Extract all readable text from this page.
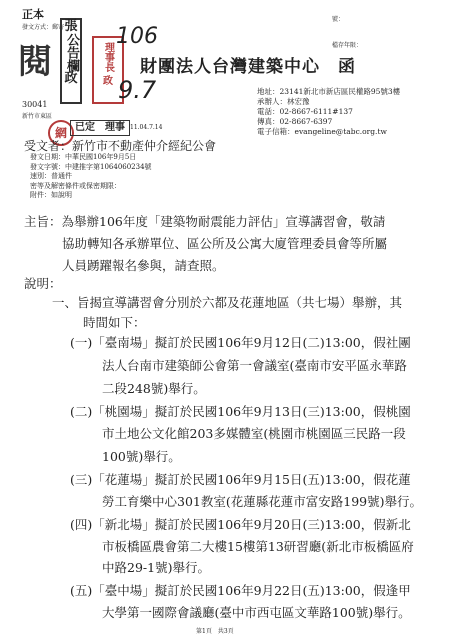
正本
發文方式：郵寄
閱
張
公告欄
政
30041
新竹市東區
網 已定　理事 11.04.7.14
理事長
政
106
9.7
財團法人台灣建築中心　函
號：
檔存年限：
地址：23141新北市新店區民權路95號3樓
承辦人：林宏豫
電話：02-8667-6111#137
傳真：02-8667-6397
電子信箱：evangeline@tabc.org.tw
受文者：新竹市不動產仲介經紀公會
發文日期：中華民國106年9月5日
發文字號：中建推字第1064060234號
速別：普通件
密等及解密條件或保密期限：
附件：如說明
主旨：為舉辦106年度「建築物耐震能力評估」宣導講習會，敬請
協助轉知各承辦單位、區公所及公寓大廈管理委員會等所屬
人員踴躍報名參與，請查照。
說明：
一、旨揭宣導講習會分別於六都及花蓮地區（共七場）舉辦，其
時間如下：
(一)「臺南場」擬訂於民國106年9月12日(二)13:00，假社團
法人台南市建築師公會第一會議室(臺南市安平區永華路
二段248號)舉行。
(二)「桃園場」擬訂於民國106年9月13日(三)13:00，假桃園
市土地公文化館203多媒體室(桃園市桃園區三民路一段
100號)舉行。
(三)「花蓮場」擬訂於民國106年9月15日(五)13:00，假花蓮
勞工育樂中心301教室(花蓮縣花蓮市富安路199號)舉行。
(四)「新北場」擬訂於民國106年9月20日(三)13:00，假新北
市板橋區農會第二大樓15樓第13研習廳(新北市板橋區府
中路29-1號)舉行。
(五)「臺中場」擬訂於民國106年9月22日(五)13:00，假逢甲
大學第一國際會議廳(臺中市西屯區文華路100號)舉行。
第1頁　共3頁
